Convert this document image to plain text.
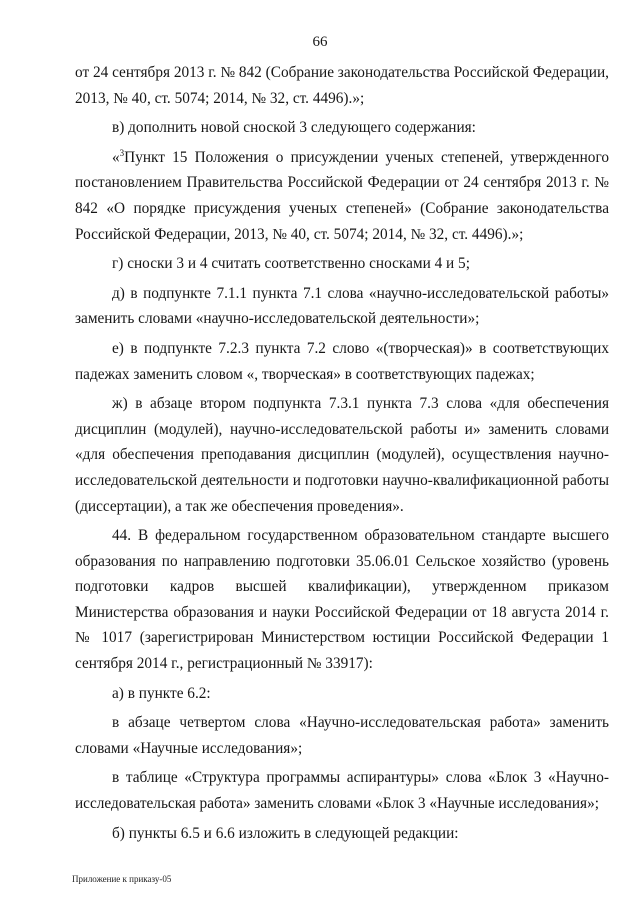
66

от 24 сентября 2013 г. № 842 (Собрание законодательства Российской Федерации, 2013, № 40, ст. 5074; 2014, № 32, ст. 4496).»;

в) дополнить новой сноской 3 следующего содержания:

«$^3$Пункт 15 Положения о присуждении ученых степеней, утвержденного постановлением Правительства Российской Федерации от 24 сентября 2013 г. № 842 «О порядке присуждения ученых степеней» (Собрание законодательства Российской Федерации, 2013, № 40, ст. 5074; 2014, № 32, ст. 4496).»;

г) сноски 3 и 4 считать соответственно сносками 4 и 5;

д) в подпункте 7.1.1 пункта 7.1 слова «научно-исследовательской работы» заменить словами «научно-исследовательской деятельности»;

е) в подпункте 7.2.3 пункта 7.2 слово «(творческая)» в соответствующих падежах заменить словом «, творческая» в соответствующих падежах;

ж) в абзаце втором подпункта 7.3.1 пункта 7.3 слова «для обеспечения дисциплин (модулей), научно-исследовательской работы и» заменить словами «для обеспечения преподавания дисциплин (модулей), осуществления научно-исследовательской деятельности и подготовки научно-квалификационной работы (диссертации), а так же обеспечения проведения».

44. В федеральном государственном образовательном стандарте высшего образования по направлению подготовки 35.06.01 Сельское хозяйство (уровень подготовки кадров высшей квалификации), утвержденном приказом Министерства образования и науки Российской Федерации от 18 августа 2014 г. № 1017 (зарегистрирован Министерством юстиции Российской Федерации 1 сентября 2014 г., регистрационный № 33917):

а) в пункте 6.2:

в абзаце четвертом слова «Научно-исследовательская работа» заменить словами «Научные исследования»;

в таблице «Структура программы аспирантуры» слова «Блок 3 «Научно-исследовательская работа» заменить словами «Блок 3 «Научные исследования»;

б) пункты 6.5 и 6.6 изложить в следующей редакции:

Приложение к приказу-05
